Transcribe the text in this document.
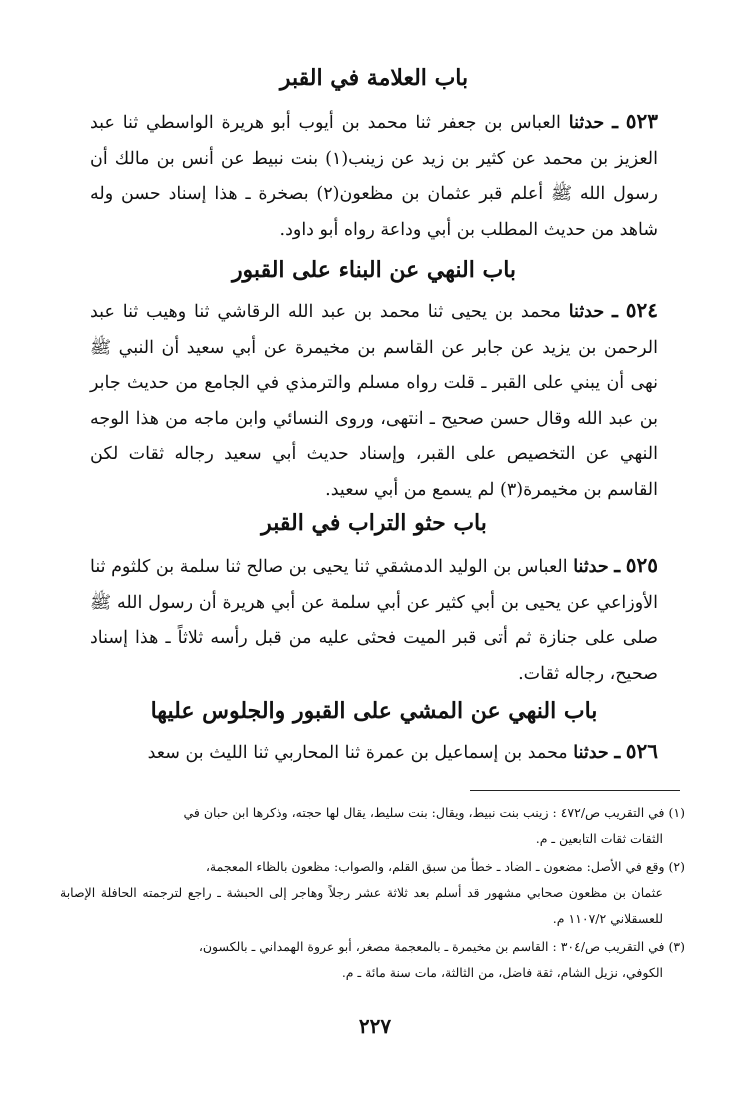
باب العلامة في القبر

٥٢٣ ـ حدثنا العباس بن جعفر ثنا محمد بن أيوب أبو هريرة الواسطي ثنا عبد العزيز بن محمد عن كثير بن زيد عن زينب(١) بنت نبيط عن أنس بن مالك أن رسول الله ﷺ أعلم قبر عثمان بن مظعون(٢) بصخرة ـ هذا إسناد حسن وله شاهد من حديث المطلب بن أبي وداعة رواه أبو داود.

باب النهي عن البناء على القبور

٥٢٤ ـ حدثنا محمد بن يحيى ثنا محمد بن عبد الله الرقاشي ثنا وهيب ثنا عبد الرحمن بن يزيد عن جابر عن القاسم بن مخيمرة عن أبي سعيد أن النبي ﷺ نهى أن يبني على القبر ـ قلت رواه مسلم والترمذي في الجامع من حديث جابر بن عبد الله وقال حسن صحيح ـ انتهى، وروى النسائي وابن ماجه من هذا الوجه النهي عن التخصيص على القبر، وإسناد حديث أبي سعيد رجاله ثقات لكن القاسم بن مخيمرة(٣) لم يسمع من أبي سعيد.

باب حثو التراب في القبر

٥٢٥ ـ حدثنا العباس بن الوليد الدمشقي ثنا يحيى بن صالح ثنا سلمة بن كلثوم ثنا الأوزاعي عن يحيى بن أبي كثير عن أبي سلمة عن أبي هريرة أن رسول الله ﷺ صلى على جنازة ثم أتى قبر الميت فحثى عليه من قبل رأسه ثلاثاً ـ هذا إسناد صحيح، رجاله ثقات.

باب النهي عن المشي على القبور والجلوس عليها

٥٢٦ ـ حدثنا محمد بن إسماعيل بن عمرة ثنا المحاربي ثنا الليث بن سعد

(١) في التقريب ص/٤٧٢ : زينب بنت نبيط، ويقال: بنت سليط، يقال لها حجته، وذكرها ابن حبان في
الثقات ثقات التابعين ـ م.

(٢) وقع في الأصل: مضعون ـ الضاد ـ خطأ من سبق القلم، والصواب: مظعون بالظاء المعجمة،
عثمان بن مظعون صحابي مشهور قد أسلم بعد ثلاثة عشر رجلاً وهاجر إلى الحبشة ـ راجع لترجمته الحافلة الإصابة للعسقلاني ١١٠٧/٢ م.

(٣) في التقريب ص/٣٠٤ : القاسم بن مخيمرة ـ بالمعجمة مصغر، أبو عروة الهمداني ـ بالكسون،
الكوفي، نزيل الشام، ثقة فاضل، من الثالثة، مات سنة مائة ـ م.

٢٢٧
